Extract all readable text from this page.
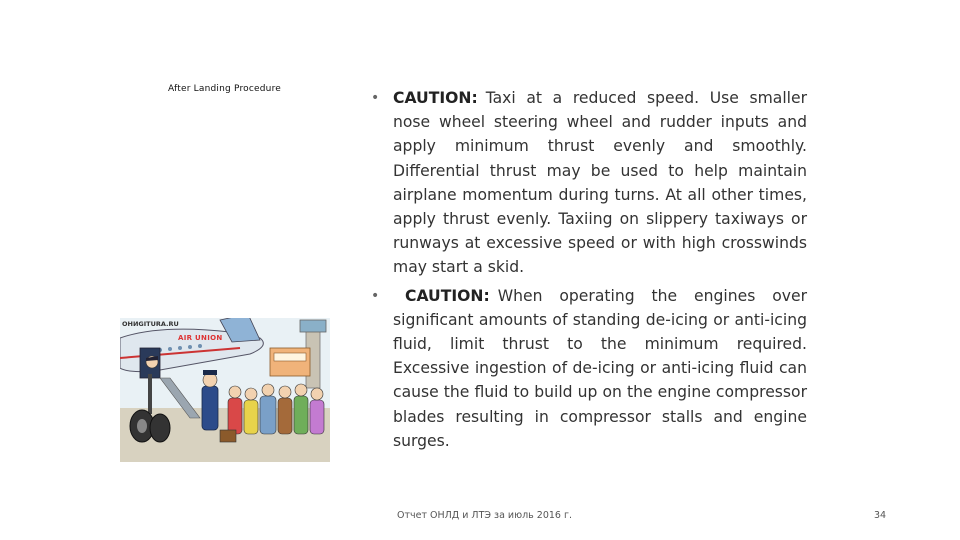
After Landing Procedure
• CAUTION: Taxi at a reduced speed. Use smaller nose wheel steering wheel and rudder inputs and apply minimum thrust evenly and smoothly. Differential thrust may be used to help maintain airplane momentum during turns. At all other times, apply thrust evenly. Taxiing on slippery taxiways or runways at excessive speed or with high crosswinds may start a skid.
• CAUTION: When operating the engines over significant amounts of standing de-icing or anti-icing fluid, limit thrust to the minimum required. Excessive ingestion of de-icing or anti-icing fluid can cause the fluid to build up on the engine compressor blades resulting in compressor stalls and engine surges.
ОНИGIТURA.RU
AIR UNION
Отчет ОНЛД и ЛТЭ за июль 2016 г.	34
